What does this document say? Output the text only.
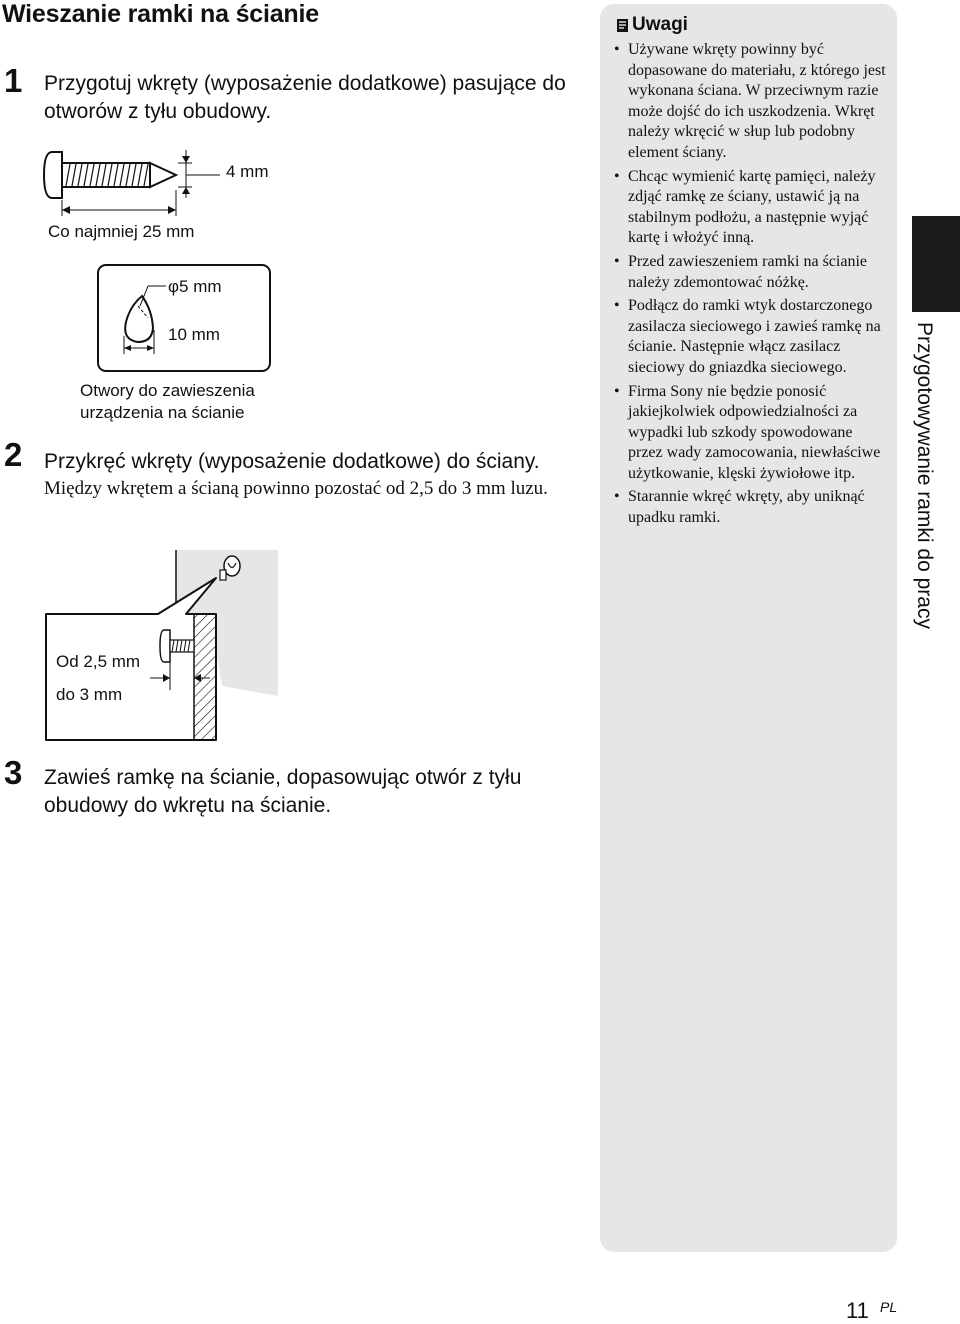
Wieszanie ramki na ścianie
1 Przygotuj wkręty (wyposażenie dodatkowe) pasujące do otworów z tyłu obudowy.
4 mm
Co najmniej 25 mm
φ5 mm
10 mm
Otwory do zawieszenia
urządzenia na ścianie
2 Przykręć wkręty (wyposażenie dodatkowe) do ściany.
Między wkrętem a ścianą powinno pozostać od 2,5 do 3 mm luzu.
Od 2,5 mm
do 3 mm
3 Zawieś ramkę na ścianie, dopasowując otwór z tyłu obudowy do wkrętu na ścianie.
Uwagi
• Używane wkręty powinny być dopasowane do materiału, z którego jest wykonana ściana. W przeciwnym razie może dojść do ich uszkodzenia. Wkręt należy wkręcić w słup lub podobny element ściany.
• Chcąc wymienić kartę pamięci, należy zdjąć ramkę ze ściany, ustawić ją na stabilnym podłożu, a następnie wyjąć kartę i włożyć inną.
• Przed zawieszeniem ramki na ścianie należy zdemontować nóżkę.
• Podłącz do ramki wtyk dostarczonego zasilacza sieciowego i zawieś ramkę na ścianie. Następnie włącz zasilacz sieciowy do gniazdka sieciowego.
• Firma Sony nie będzie ponosić jakiejkolwiek odpowiedzialności za wypadki lub szkody spowodowane przez wady zamocowania, niewłaściwe użytkowanie, klęski żywiołowe itp.
• Starannie wkręć wkręty, aby uniknąć upadku ramki.	Przygotowywanie ramki do pracy
11 PL
